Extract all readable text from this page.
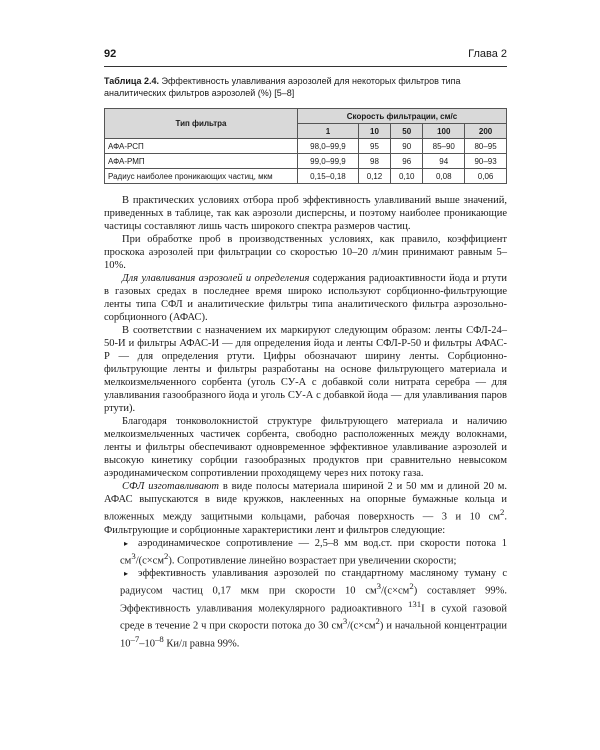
92	Глава 2
Таблица 2.4. Эффективность улавливания аэрозолей для некоторых фильтров типа аналитических фильтров аэрозолей (%) [5–8]
Тип фильтра	Скорость фильтрации, см/с				
	1	10	50	100	200
АФА-РСП	98,0–99,9	95	90	85–90	80–95
АФА-РМП	99,0–99,9	98	96	94	90–93
Радиус наиболее проникающих частиц, мкм	0,15–0,18	0,12	0,10	0,08	0,06

В практических условиях отбора проб эффективность улавливаний выше значений, приведенных в таблице, так как аэрозоли дисперсны, и поэтому наиболее проникающие частицы составляют лишь часть широкого спектра размеров частиц.

При обработке проб в производственных условиях, как правило, коэффициент проскока аэрозолей при фильтрации со скоростью 10–20 л/мин принимают равным 5–10%.

Для улавливания аэрозолей и определения содержания радиоактивности йода и ртути в газовых средах в последнее время широко используют сорбционно-фильтрующие ленты типа СФЛ и аналитические фильтры типа аналитического фильтра аэрозольно-сорбционного (АФАС).

В соответствии с назначением их маркируют следующим образом: ленты СФЛ-24–50-И и фильтры АФАС-И — для определения йода и ленты СФЛ-Р-50 и фильтры АФАС-Р — для определения ртути. Цифры обозначают ширину ленты. Сорбционно-фильтрующие ленты и фильтры разработаны на основе фильтрующего материала и мелкоизмельченного сорбента (уголь СУ-А с добавкой соли нитрата серебра — для улавливания газообразного йода и уголь СУ-А с добавкой йода — для улавливания паров ртути).

Благодаря тонковолокнистой структуре фильтрующего материала и наличию мелкоизмельченных частичек сорбента, свободно расположенных между волокнами, ленты и фильтры обеспечивают одновременное эффективное улавливание аэрозолей и высокую кинетику сорбции газообразных продуктов при сравнительно невысоком аэродинамическом сопротивлении проходящему через них потоку газа.

СФЛ изготавливают в виде полосы материала шириной 2 и 50 мм и длиной 20 м. АФАС выпускаются в виде кружков, наклеенных на опорные бумажные кольца и вложенных между защитными кольцами, рабочая поверхность — 3 и 10 $см^2$. Фильтрующие и сорбционные характеристики лент и фильтров следующие:

▸ аэродинамическое сопротивление — 2,5–8 мм вод.ст. при скорости потока 1 $см^3/(с\times см^2)$. Сопротивление линейно возрастает при увеличении скорости;

▸ эффективность улавливания аэрозолей по стандартному масляному туману с радиусом частиц 0,17 мкм при скорости 10 $см^3/(с\times см^2)$ составляет 99%. Эффективность улавливания молекулярного радиоактивного $^{131}$I в сухой газовой среде в течение 2 ч при скорости потока до 30 $см^3/(с\times см^2)$ и начальной концентрации $10^{-7}-10^{-8}$ Ки/л равна 99%.
